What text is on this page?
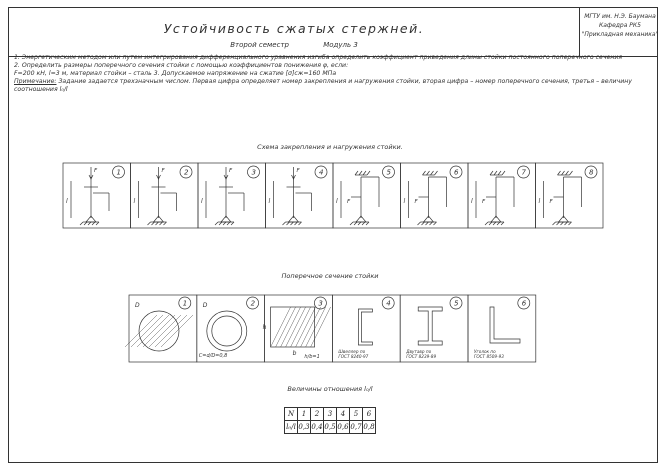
Устойчивость сжатых стержней.
Второй семестр	Модуль 3
МГТУ им. Н.Э. Баумана
Кафедра РК5
"Прикладная механика"

1. Энергетическим методом или путем интегрирования дифференциального уравнения изгиба определить коэффициент приведения длины стойки постоянного поперечного сечения

2. Определить размеры поперечного сечения стойки с помощью коэффициентов понижения φ, если:

F=200 кН, l=3 м, материал стойки – сталь 3. Допускаемое напряжение на сжатие [σ]сж=160 МПа

Примечание: Задание задается трехзначным числом. Первая цифра определяет номер закрепления и нагружения стойки, вторая цифра – номер поперечного сечения, третья – величину соотношения l₀/l

Схема закрепления и нагружения стойки.
Поперечное сечение стойки
Величины отношения l₀/l
1
l
F	2
l
F	3
l
F	4
l
F	5
l F
6
l F
7
l F
8
l F
1
D	2
D
C=d/D=0,8
3
b
h
h/b=1
4
Швеллер по
ГОСТ 8240-97
5
Двутавр по
ГОСТ 8239-89
6
Уголок по
ГОСТ 8509-93
N	1	2	3	4	5	6
l₀/l	0,3	0,4	0,5	0,6	0,7	0,8
